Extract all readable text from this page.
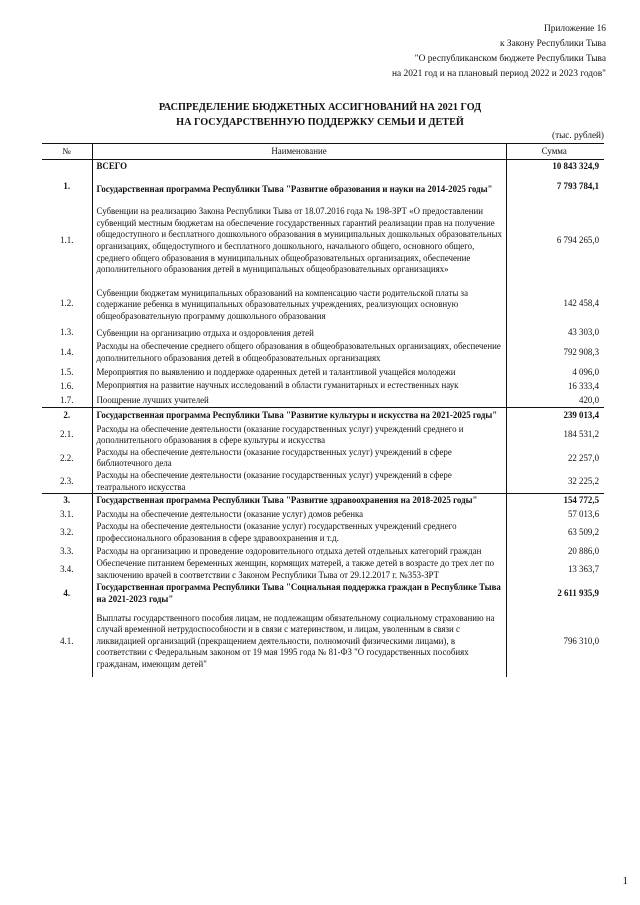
Приложение 16
к Закону Республики Тыва
"О республиканском бюджете Республики Тыва
на 2021 год и на плановый период 2022 и 2023 годов"
РАСПРЕДЕЛЕНИЕ БЮДЖЕТНЫХ АССИГНОВАНИЙ НА 2021 ГОД
НА ГОСУДАРСТВЕННУЮ ПОДДЕРЖКУ СЕМЬИ И ДЕТЕЙ
(тыс. рублей)
№	Наименование	Сумма
	ВСЕГО	10 843 324,9
1.	Государственная программа Республики Тыва "Развитие образования и науки на 2014-2025 годы"	7 793 784,1
1.1.	Субвенции на реализацию Закона Республики Тыва от 18.07.2016 года № 198-ЗРТ «О предоставлении субвенций местным бюджетам на обеспечение государственных гарантий реализации прав на получение общедоступного и бесплатного дошкольного образования в муниципальных дошкольных образовательных организациях, общедоступного и бесплатного дошкольного, начального общего, основного общего, среднего общего образования в муниципальных общеобразовательных организациях, обеспечение дополнительного образования детей в муниципальных общеобразовательных организациях»	6 794 265,0
1.2.	Субвенции бюджетам муниципальных образований на компенсацию части родительской платы за содержание ребенка в муниципальных образовательных учреждениях, реализующих основную общеобразовательную программу дошкольного образования	142 458,4
1.3.	Субвенции на организацию отдыха и оздоровления детей	43 303,0
1.4.	Расходы на обеспечение среднего общего образования в общеобразовательных организациях, обеспечение дополнительного образования детей в общеобразовательных организациях	792 908,3
1.5.	Мероприятия по выявлению и поддержке одаренных детей и талантливой учащейся молодежи	4 096,0
1.6.	Мероприятия на развитие научных исследований в области гуманитарных и естественных наук	16 333,4
1.7.	Поощрение лучших учителей	420,0
2.	Государственная программа Республики Тыва "Развитие культуры и искусства на 2021-2025 годы"	239 013,4
2.1.	Расходы на обеспечение деятельности (оказание государственных услуг) учреждений среднего и дополнительного образования в сфере культуры и искусства	184 531,2
2.2.	Расходы на обеспечение деятельности (оказание государственных услуг) учреждений в сфере библиотечного дела	22 257,0
2.3.	Расходы на обеспечение деятельности (оказание государственных услуг) учреждений в сфере театрального искусства	32 225,2
3.	Государственная программа Республики Тыва "Развитие здравоохранения на 2018-2025 годы"	154 772,5
3.1.	Расходы на обеспечение деятельности (оказание услуг) домов ребенка	57 013,6
3.2.	Расходы на обеспечение деятельности (оказание услуг) государственных учреждений среднего профессионального образования в сфере здравоохранения и т.д.	63 509,2
3.3.	Расходы на организацию и проведение оздоровительного отдыха детей отдельных категорий граждан	20 886,0
3.4.	Обеспечение питанием беременных женщин, кормящих матерей, а также детей в возрасте до трех лет по заключению врачей в соответствии с Законом Республики Тыва от 29.12.2017 г. №353-ЗРТ	13 363,7
4.	Государственная программа Республики Тыва "Социальная поддержка граждан в Республике Тыва на 2021-2023 годы"	2 611 935,9
4.1.	Выплаты государственного пособия лицам, не подлежащим обязательному социальному страхованию на случай временной нетрудоспособности и в связи с материнством, и лицам, уволенным в связи с ликвидацией организаций (прекращением деятельности, полномочий физическими лицами), в соответствии с Федеральным законом от 19 мая 1995 года № 81-ФЗ "О государственных пособиях гражданам, имеющим детей"	796 310,0
1
